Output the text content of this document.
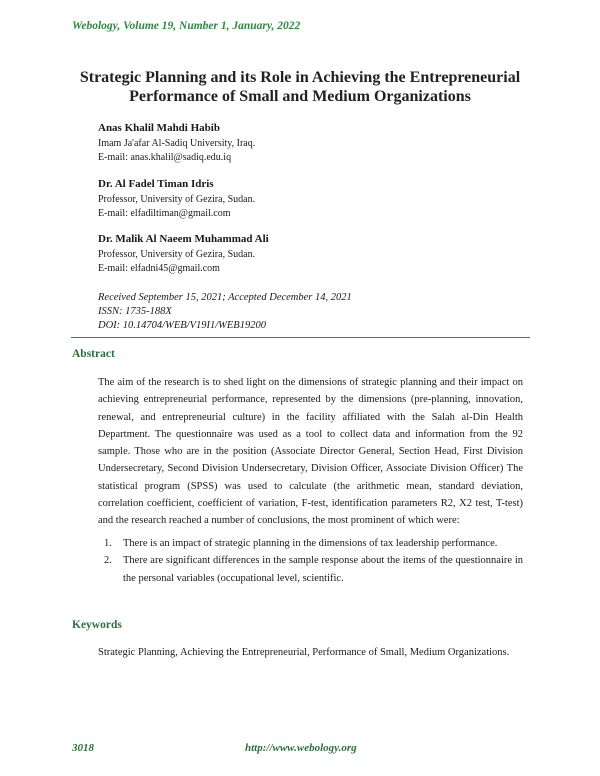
Webology, Volume 19, Number 1, January, 2022
Strategic Planning and its Role in Achieving the Entrepreneurial
Performance of Small and Medium Organizations
Anas Khalil Mahdi Habib
Imam Ja'afar Al-Sadiq University, Iraq.
E-mail: anas.khalil@sadiq.edu.iq
Dr. Al Fadel Timan Idris
Professor, University of Gezira, Sudan.
E-mail: elfadiltiman@gmail.com
Dr. Malik Al Naeem Muhammad Ali
Professor, University of Gezira, Sudan.
E-mail: elfadni45@gmail.com
Received September 15, 2021; Accepted December 14, 2021
ISSN: 1735-188X
DOI: 10.14704/WEB/V19I1/WEB19200
Abstract
The aim of the research is to shed light on the dimensions of strategic planning and their impact on achieving entrepreneurial performance, represented by the dimensions (pre-planning, innovation, renewal, and entrepreneurial culture) in the facility affiliated with the Salah al-Din Health Department. The questionnaire was used as a tool to collect data and information from the 92 sample. Those who are in the position (Associate Director General, Section Head, First Division Undersecretary, Second Division Undersecretary, Division Officer, Associate Division Officer) The statistical program (SPSS) was used to calculate (the arithmetic mean, standard deviation, correlation coefficient, coefficient of variation, F-test, identification parameters R2, X2 test, T-test) and the research reached a number of conclusions, the most prominent of which were:
1. There is an impact of strategic planning in the dimensions of tax leadership performance.
2. There are significant differences in the sample response about the items of the questionnaire in the personal variables (occupational level, scientific.
Keywords
Strategic Planning, Achieving the Entrepreneurial, Performance of Small, Medium Organizations.
3018	http://www.webology.org
